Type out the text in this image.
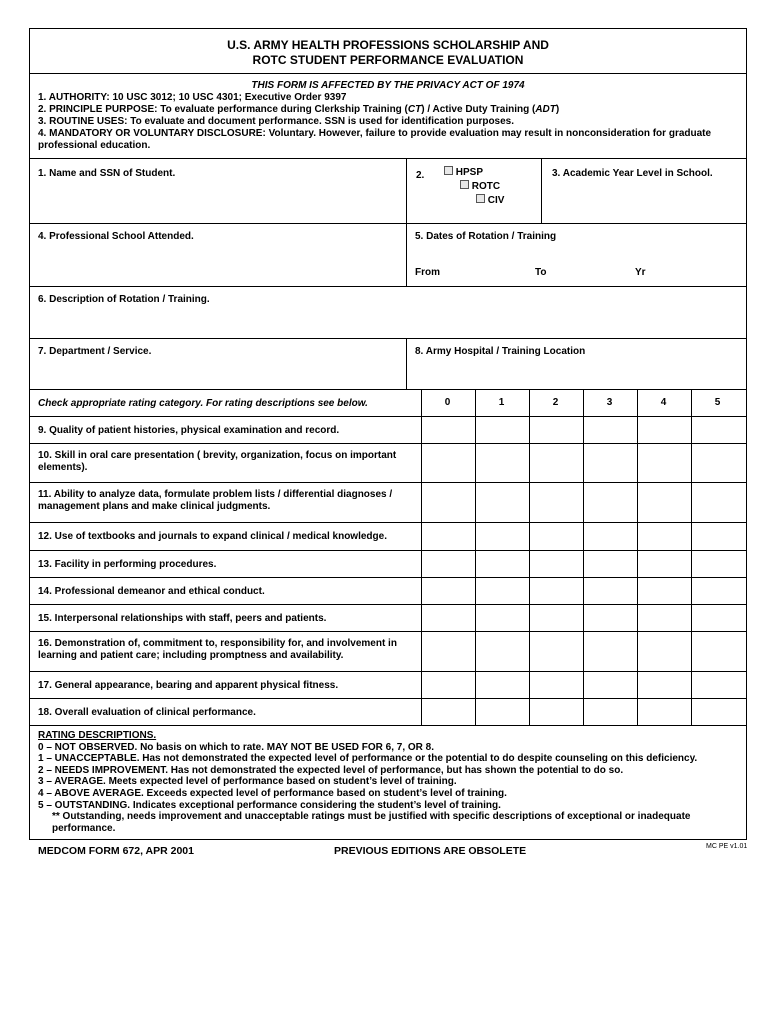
U.S. ARMY HEALTH PROFESSIONS SCHOLARSHIP AND
ROTC STUDENT PERFORMANCE EVALUATION
THIS FORM IS AFFECTED BY THE PRIVACY ACT OF 1974
1. AUTHORITY: 10 USC 3012; 10 USC 4301; Executive Order 9397
2. PRINCIPLE PURPOSE: To evaluate performance during Clerkship Training (CT) / Active Duty Training (ADT)
3. ROUTINE USES: To evaluate and document performance. SSN is used for identification purposes.
4. MANDATORY OR VOLUNTARY DISCLOSURE: Voluntary. However, failure to provide evaluation may result in nonconsideration for graduate professional education.
1. Name and SSN of Student.	2.	HPSP
ROTC
CIV
3. Academic Year Level in School.
4. Professional School Attended.	5. Dates of Rotation / Training
From	To	Yr
6. Description of Rotation / Training.
7. Department / Service.	8. Army Hospital / Training Location
Check appropriate rating category. For rating descriptions see below.	0	1	2	3	4	5
9. Quality of patient histories, physical examination and record.
10. Skill in oral care presentation ( brevity, organization, focus on important elements).
11. Ability to analyze data, formulate problem lists / differential diagnoses / management plans and make clinical judgments.
12. Use of textbooks and journals to expand clinical / medical knowledge.
13. Facility in performing procedures.
14. Professional demeanor and ethical conduct.
15. Interpersonal relationships with staff, peers and patients.
16. Demonstration of, commitment to, responsibility for, and involvement in learning and patient care; including promptness and availability.
17. General appearance, bearing and apparent physical fitness.
18. Overall evaluation of clinical performance.
RATING DESCRIPTIONS.
0 – NOT OBSERVED. No basis on which to rate. MAY NOT BE USED FOR 6, 7, OR 8.
1 – UNACCEPTABLE. Has not demonstrated the expected level of performance or the potential to do despite counseling on this deficiency.
2 – NEEDS IMPROVEMENT. Has not demonstrated the expected level of performance, but has shown the potential to do so.
3 – AVERAGE. Meets expected level of performance based on student’s level of training.
4 – ABOVE AVERAGE. Exceeds expected level of performance based on student’s level of training.
5 – OUTSTANDING. Indicates exceptional performance considering the student’s level of training.
** Outstanding, needs improvement and unacceptable ratings must be justified with specific descriptions of exceptional or inadequate performance.
MEDCOM FORM 672, APR 2001	PREVIOUS EDITIONS ARE OBSOLETE	MC PE v1.01
